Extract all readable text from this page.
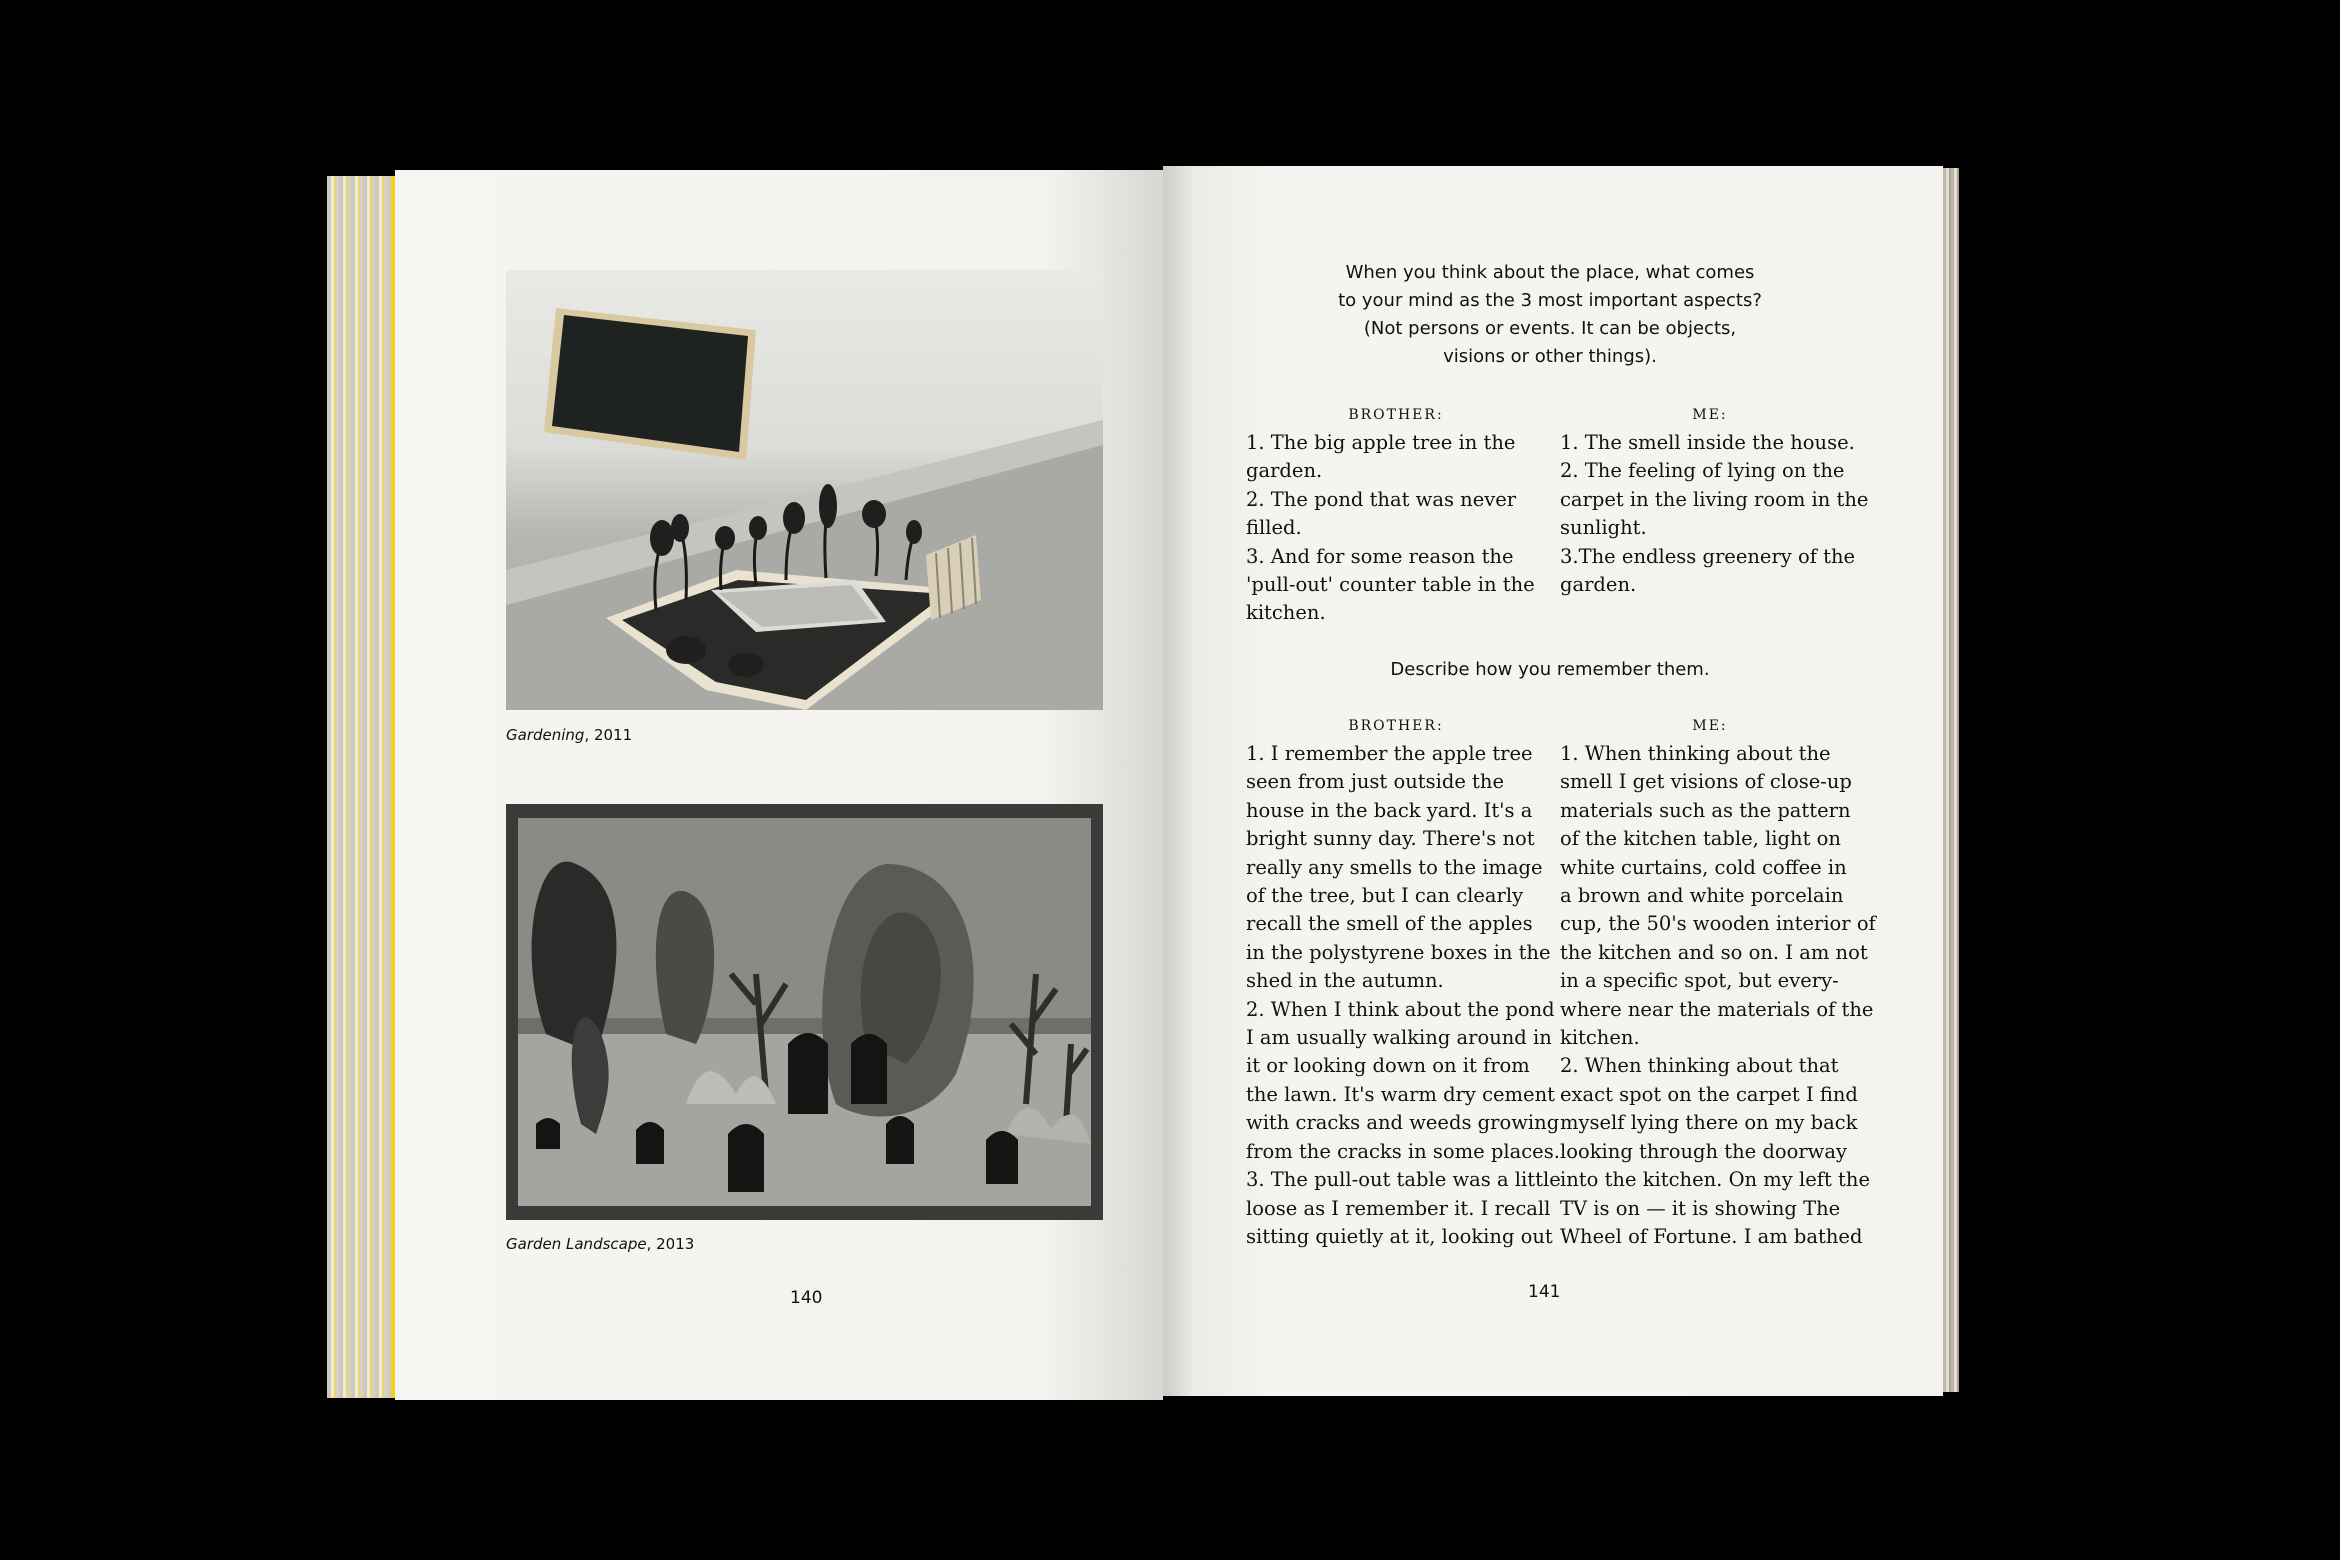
Gardening, 2011
Garden Landscape, 2013
140
When you think about the place, what comes
to your mind as the 3 most important aspects?
(Not persons or events. It can be objects,
visions or other things).
BROTHER:
1. The big apple tree in the
garden.
2. The pond that was never
filled.
3. And for some reason the
'pull-out' counter table in the
kitchen.
ME:
1. The smell inside the house.
2. The feeling of lying on the
carpet in the living room in the
sunlight.
3.The endless greenery of the
garden.
Describe how you remember them.
BROTHER:
1. I remember the apple tree
seen from just outside the
house in the back yard. It's a
bright sunny day. There's not
really any smells to the image
of the tree, but I can clearly
recall the smell of the apples
in the polystyrene boxes in the
shed in the autumn.
2. When I think about the pond
I am usually walking around in
it or looking down on it from
the lawn. It's warm dry cement
with cracks and weeds growing
from the cracks in some places.
3. The pull-out table was a little
loose as I remember it. I recall
sitting quietly at it, looking out
ME:
1. When thinking about the
smell I get visions of close-up
materials such as the pattern
of the kitchen table, light on
white curtains, cold coffee in
a brown and white porcelain
cup, the 50's wooden interior of
the kitchen and so on. I am not
in a specific spot, but every-
where near the materials of the
kitchen.
2. When thinking about that
exact spot on the carpet I find
myself lying there on my back
looking through the doorway
into the kitchen. On my left the
TV is on — it is showing The
Wheel of Fortune. I am bathed
141
